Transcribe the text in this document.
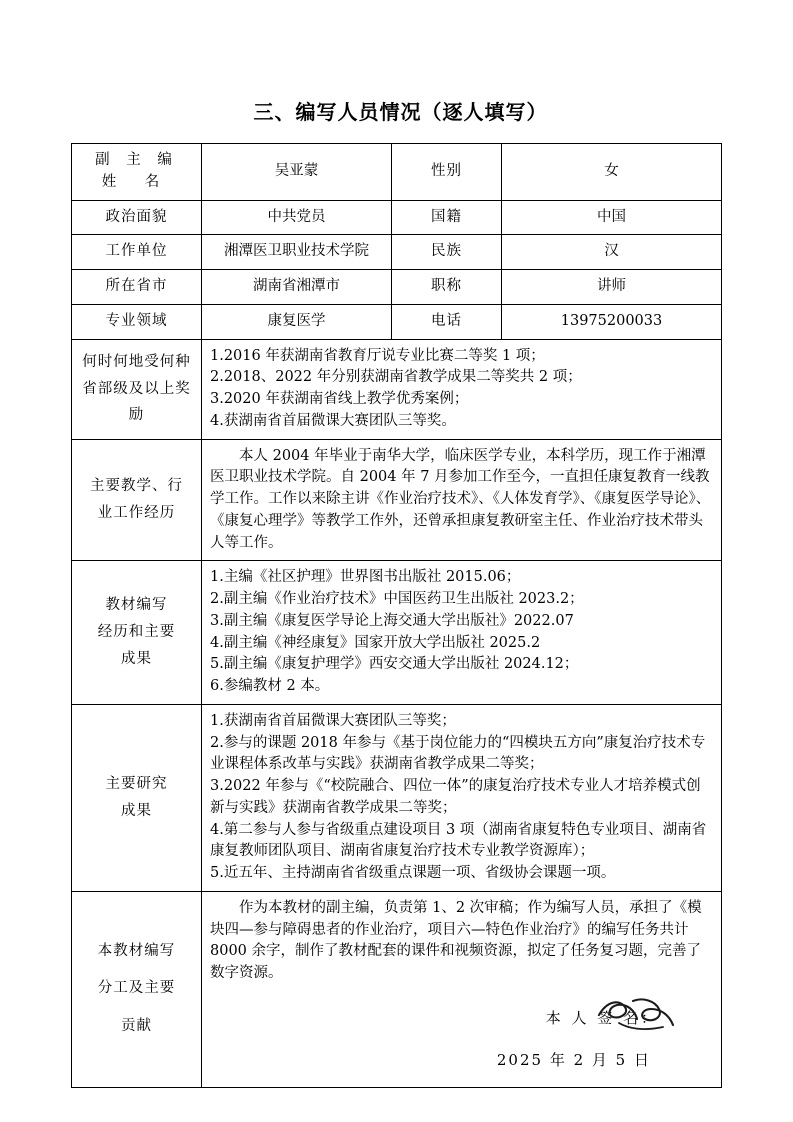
三、编写人员情况（逐人填写）
副 主 编 姓 名	吴亚蒙	性别	女
政治面貌	中共党员	国籍	中国
工作单位	湘潭医卫职业技术学院	民族	汉
所在省市	湖南省湘潭市	职称	讲师
专业领域	康复医学	电话	13975200033

何时何地受何种
省部级及以上奖励	1.2016 年获湖南省教育厅说专业比赛二等奖 1 项；
2.2018、2022 年分别获湖南省教学成果二等奖共 2 项；
3.2020 年获湖南省线上教学优秀案例；
4.获湖南省首届微课大赛团队三等奖。		

主要教学、行
业工作经历	本人 2004 年毕业于南华大学，临床医学专业，本科学历，现工作于湘潭医卫职业技术学院。自 2004 年 7 月参加工作至今，一直担任康复教育一线教学工作。工作以来除主讲《作业治疗技术》、《人体发育学》、《康复医学导论》、《康复心理学》等教学工作外，还曾承担康复教研室主任、作业治疗技术带头人等工作。		

教材编写
经历和主要
成果

1.主编《社区护理》世界图书出版社 2015.06；
2.副主编《作业治疗技术》中国医药卫生出版社 2023.2；
3.副主编《康复医学导论上海交通大学出版社》2022.07
4.副主编《神经康复》国家开放大学出版社 2025.2
5.副主编《康复护理学》西安交通大学出版社 2024.12；
6.参编教材 2 本。

主要研究
成果	1.获湖南省首届微课大赛团队三等奖；
2.参与的课题 2018 年参与《基于岗位能力的“四模块五方向”康复治疗技术专业课程体系改革与实践》获湖南省教学成果二等奖；
3.2022 年参与《“校院融合、四位一体”的康复治疗技术专业人才培养模式创新与实践》获湖南省教学成果二等奖；
4.第二参与人参与省级重点建设项目 3 项（湖南省康复特色专业项目、湖南省康复教师团队项目、湖南省康复治疗技术专业教学资源库）；
5.近五年、主持湖南省省级重点课题一项、省级协会课题一项。		

本教材编写
分工及主要
贡献

作为本教材的副主编，负责第 1、2 次审稿；作为编写人员，承担了《模块四—参与障碍患者的作业治疗，项目六—特色作业治疗》的编写任务共计 8000 余字，制作了教材配套的课件和视频资源，拟定了任务复习题，完善了数字资源。
本 人 签 名：
2025 年 2 月 5 日
